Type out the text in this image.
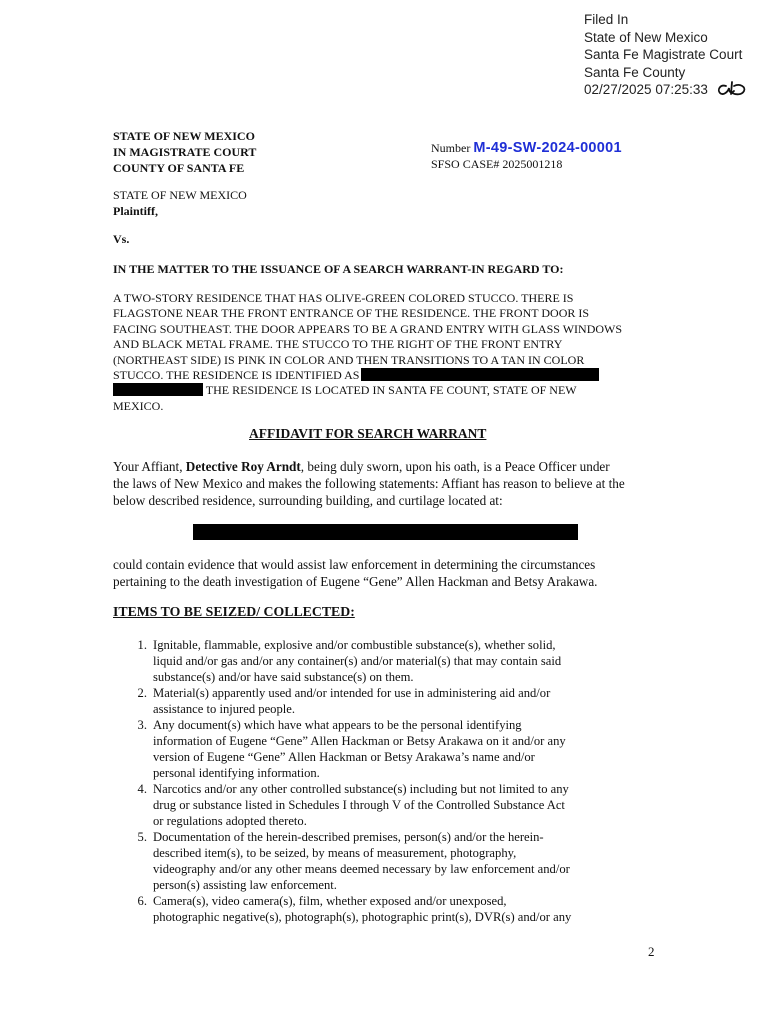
Filed In
State of New Mexico
Santa Fe Magistrate Court
Santa Fe County
02/27/2025 07:25:33
STATE OF NEW MEXICO
IN MAGISTRATE COURT
COUNTY OF SANTA FE
Number M-49-SW-2024-00001
SFSO CASE# 2025001218
STATE OF NEW MEXICO
Plaintiff,
Vs.
IN THE MATTER TO THE ISSUANCE OF A SEARCH WARRANT-IN REGARD TO:
A TWO-STORY RESIDENCE THAT HAS OLIVE-GREEN COLORED STUCCO. THERE IS
FLAGSTONE NEAR THE FRONT ENTRANCE OF THE RESIDENCE. THE FRONT DOOR IS
FACING SOUTHEAST. THE DOOR APPEARS TO BE A GRAND ENTRY WITH GLASS WINDOWS
AND BLACK METAL FRAME. THE STUCCO TO THE RIGHT OF THE FRONT ENTRY
(NORTHEAST SIDE) IS PINK IN COLOR AND THEN TRANSITIONS TO A TAN IN COLOR
STUCCO. THE RESIDENCE IS IDENTIFIED AS
THE RESIDENCE IS LOCATED IN SANTA FE COUNT, STATE OF NEW
MEXICO.
AFFIDAVIT FOR SEARCH WARRANT
Your Affiant, Detective Roy Arndt, being duly sworn, upon his oath, is a Peace Officer under
the laws of New Mexico and makes the following statements: Affiant has reason to believe at the
below described residence, surrounding building, and curtilage located at:
could contain evidence that would assist law enforcement in determining the circumstances
pertaining to the death investigation of Eugene “Gene” Allen Hackman and Betsy Arakawa.
ITEMS TO BE SEIZED/ COLLECTED:
1. Ignitable, flammable, explosive and/or combustible substance(s), whether solid,
liquid and/or gas and/or any container(s) and/or material(s) that may contain said
substance(s) and/or have said substance(s) on them.
2. Material(s) apparently used and/or intended for use in administering aid and/or
assistance to injured people.
3. Any document(s) which have what appears to be the personal identifying
information of Eugene “Gene” Allen Hackman or Betsy Arakawa on it and/or any
version of Eugene “Gene” Allen Hackman or Betsy Arakawa’s name and/or
personal identifying information.
4. Narcotics and/or any other controlled substance(s) including but not limited to any
drug or substance listed in Schedules I through V of the Controlled Substance Act
or regulations adopted thereto.
5. Documentation of the herein-described premises, person(s) and/or the herein-
described item(s), to be seized, by means of measurement, photography,
videography and/or any other means deemed necessary by law enforcement and/or
person(s) assisting law enforcement.
6. Camera(s), video camera(s), film, whether exposed and/or unexposed,
photographic negative(s), photograph(s), photographic print(s), DVR(s) and/or any
2
